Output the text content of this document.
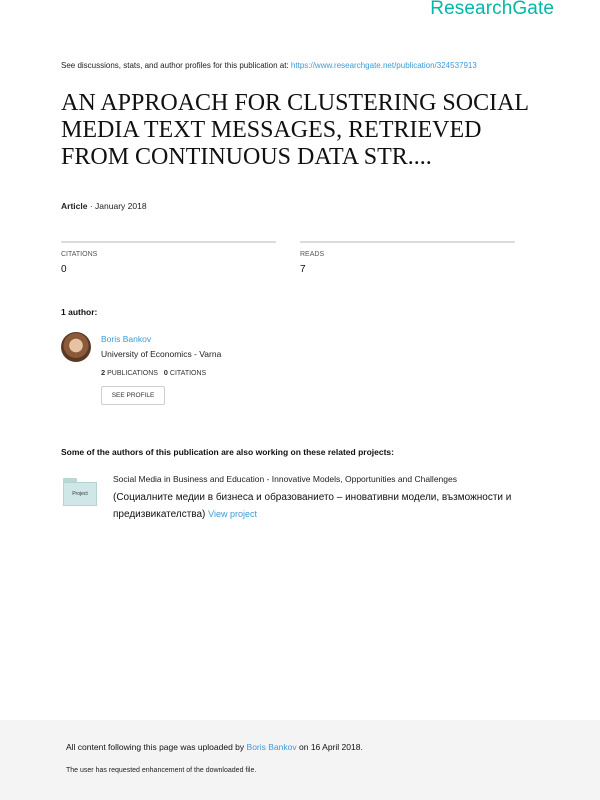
ResearchGate
See discussions, stats, and author profiles for this publication at: https://www.researchgate.net/publication/324537913
AN APPROACH FOR CLUSTERING SOCIAL MEDIA TEXT MESSAGES, RETRIEVED FROM CONTINUOUS DATA STR....
Article · January 2018
CITATIONS
0
READS
7
1 author:
Boris Bankov
University of Economics - Varna
2 PUBLICATIONS 0 CITATIONS
SEE PROFILE
Some of the authors of this publication are also working on these related projects:
Project
Social Media in Business and Education - Innovative Models, Opportunities and Challenges
(Социалните медии в бизнеса и образованието – иновативни модели, възможности и предизвикателства) View project
All content following this page was uploaded by Boris Bankov on 16 April 2018.
The user has requested enhancement of the downloaded file.
